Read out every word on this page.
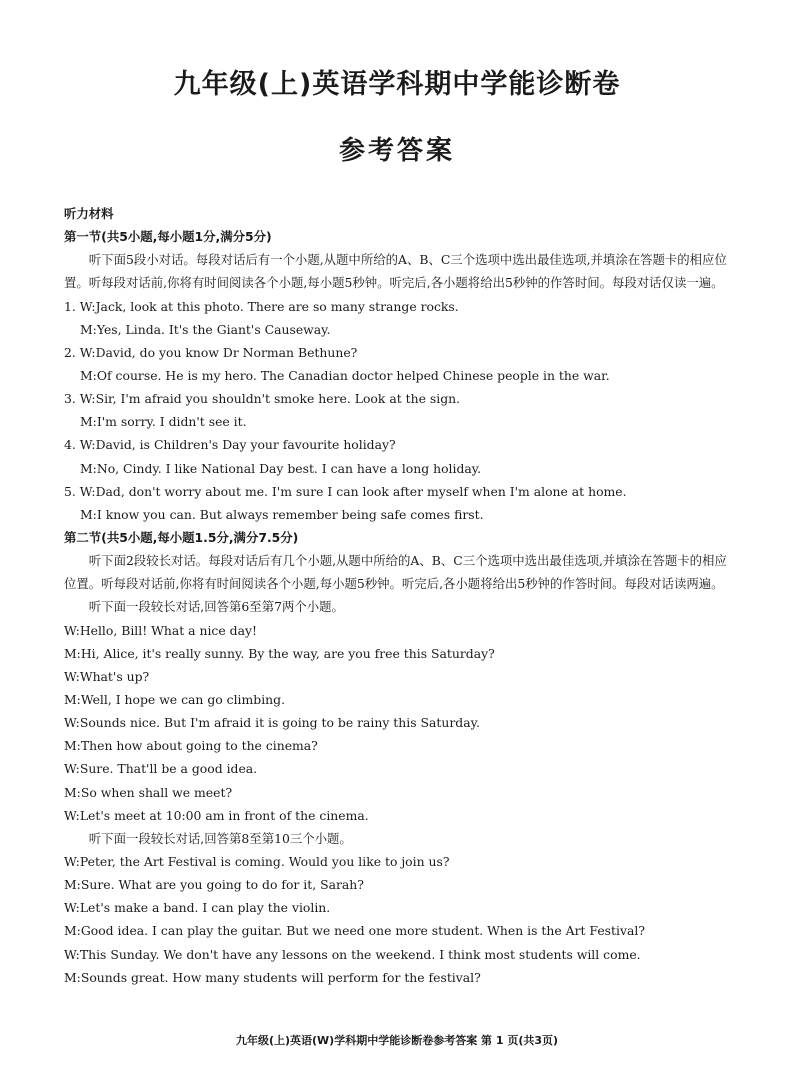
九年级(上)英语学科期中学能诊断卷
参考答案
听力材料
第一节(共5小题,每小题1分,满分5分)
听下面5段小对话。每段对话后有一个小题,从题中所给的A、B、C三个选项中选出最佳选项,并填涂在答题卡的相应位置。听每段对话前,你将有时间阅读各个小题,每小题5秒钟。听完后,各小题将给出5秒钟的作答时间。每段对话仅读一遍。
1. W:Jack, look at this photo. There are so many strange rocks.
M:Yes, Linda. It's the Giant's Causeway.
2. W:David, do you know Dr Norman Bethune?
M:Of course. He is my hero. The Canadian doctor helped Chinese people in the war.
3. W:Sir, I'm afraid you shouldn't smoke here. Look at the sign.
M:I'm sorry. I didn't see it.
4. W:David, is Children's Day your favourite holiday?
M:No, Cindy. I like National Day best. I can have a long holiday.
5. W:Dad, don't worry about me. I'm sure I can look after myself when I'm alone at home.
M:I know you can. But always remember being safe comes first.
第二节(共5小题,每小题1.5分,满分7.5分)
听下面2段较长对话。每段对话后有几个小题,从题中所给的A、B、C三个选项中选出最佳选项,并填涂在答题卡的相应位置。听每段对话前,你将有时间阅读各个小题,每小题5秒钟。听完后,各小题将给出5秒钟的作答时间。每段对话读两遍。
听下面一段较长对话,回答第6至第7两个小题。
W:Hello, Bill! What a nice day!
M:Hi, Alice, it's really sunny. By the way, are you free this Saturday?
W:What's up?
M:Well, I hope we can go climbing.
W:Sounds nice. But I'm afraid it is going to be rainy this Saturday.
M:Then how about going to the cinema?
W:Sure. That'll be a good idea.
M:So when shall we meet?
W:Let's meet at 10:00 am in front of the cinema.
听下面一段较长对话,回答第8至第10三个小题。
W:Peter, the Art Festival is coming. Would you like to join us?
M:Sure. What are you going to do for it, Sarah?
W:Let's make a band. I can play the violin.
M:Good idea. I can play the guitar. But we need one more student. When is the Art Festival?
W:This Sunday. We don't have any lessons on the weekend. I think most students will come.
M:Sounds great. How many students will perform for the festival?
九年级(上)英语(W)学科期中学能诊断卷参考答案 第 1 页(共3页)
